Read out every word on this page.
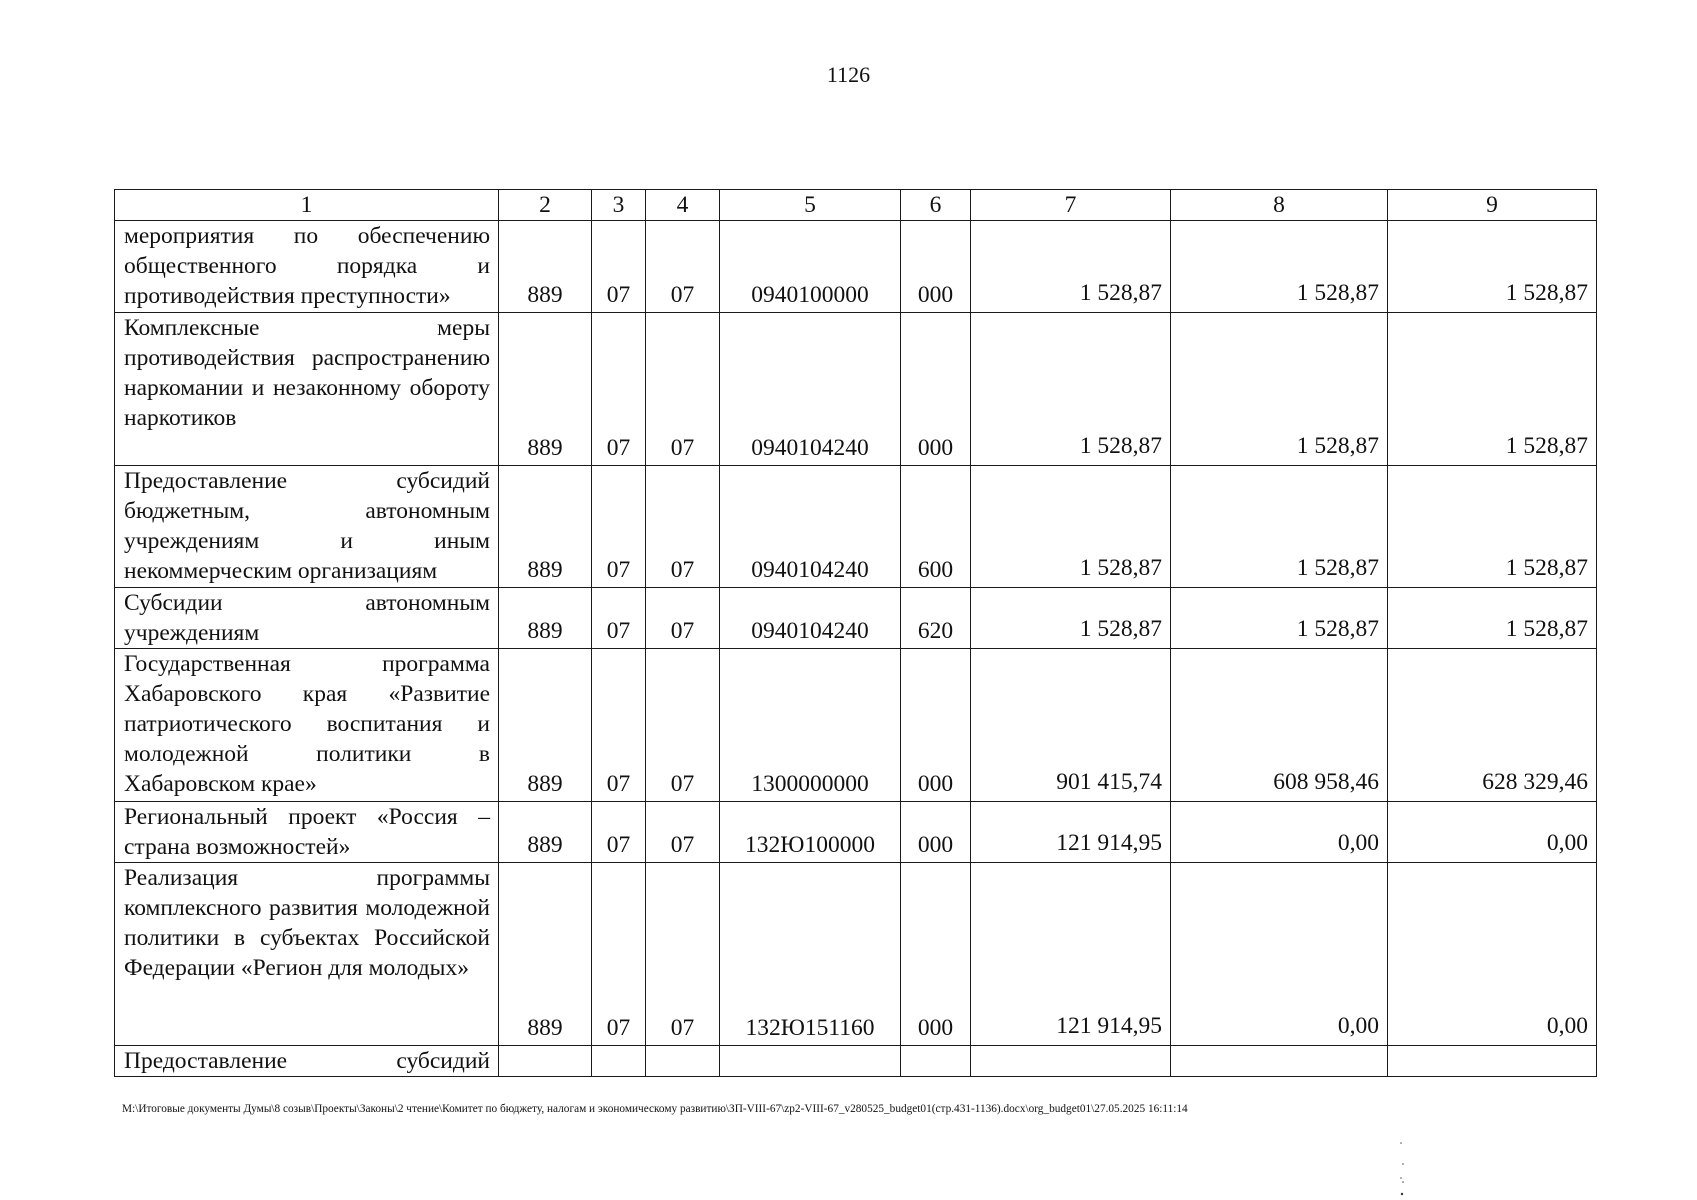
1126
1	2	3	4	5	6	7	8	9
мероприятия по обеспечению общественного порядка и противодействия преступности»	889	07	07	0940100000	000	1 528,87	1 528,87	1 528,87
Комплексные меры противодействия распространению наркомании и незаконному обороту наркотиков	889	07	07	0940104240	000	1 528,87	1 528,87	1 528,87
Предоставление субсидий бюджетным, автономным учреждениям и иным некоммерческим организациям	889	07	07	0940104240	600	1 528,87	1 528,87	1 528,87
Субсидии автономным учреждениям	889	07	07	0940104240	620	1 528,87	1 528,87	1 528,87
Государственная программа Хабаровского края «Развитие патриотического воспитания и молодежной политики в Хабаровском крае»	889	07	07	1300000000	000	901 415,74	608 958,46	628 329,46
Региональный проект «Россия – страна возможностей»	889	07	07	132Ю100000	000	121 914,95	0,00	0,00
Реализация программы комплексного развития молодежной политики в субъектах Российской Федерации «Регион для молодых»	889	07	07	132Ю151160	000	121 914,95	0,00	0,00
Предоставление субсидий								
M:\Итоговые документы Думы\8 созыв\Проекты\Законы\2 чтение\Комитет по бюджету, налогам и экономическому развитию\ЗП-VIII-67\zp2-VIII-67_v280525_budget01(стр.431-1136).docx\org_budget01\27.05.2025 16:11:14
